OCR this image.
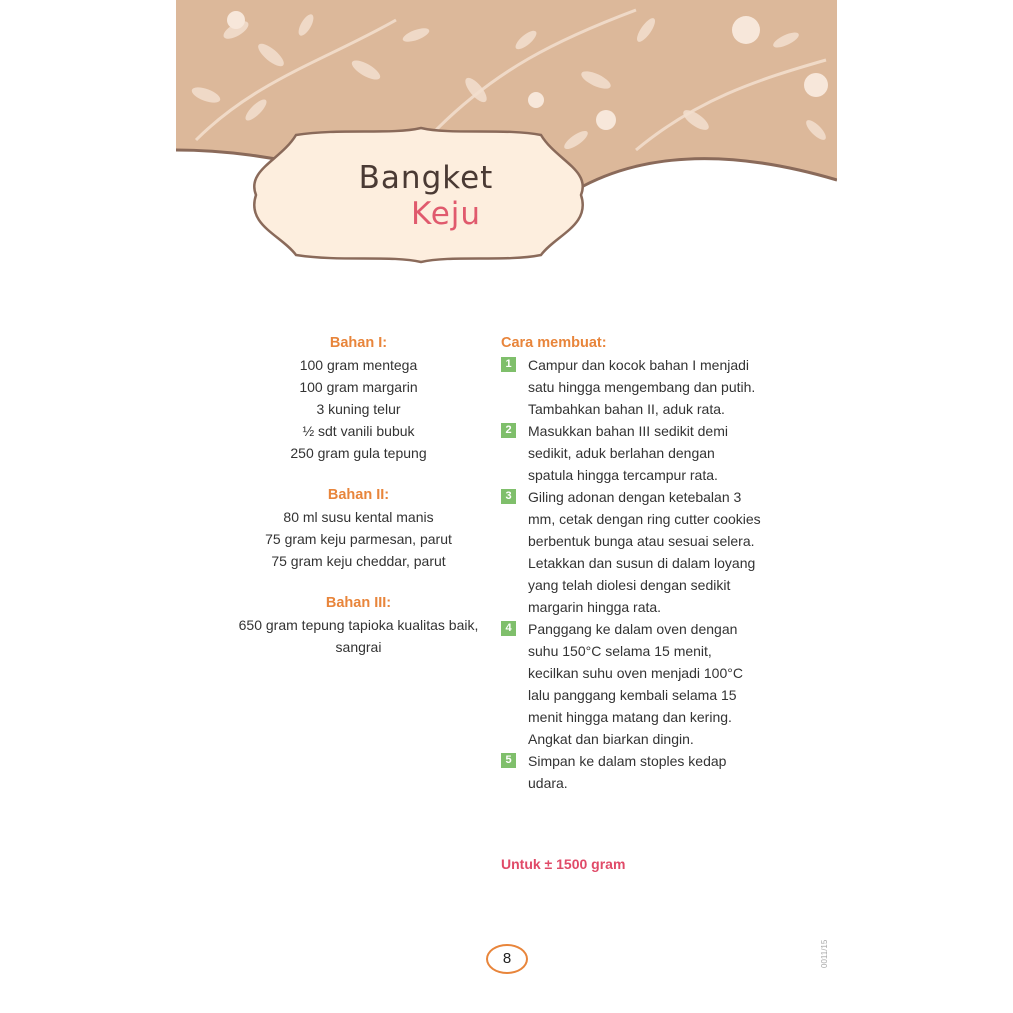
Bangket
Keju
Bahan I:
100 gram mentega
100 gram margarin
3 kuning telur
½ sdt vanili bubuk
250 gram gula tepung
Bahan II:
80 ml susu kental manis
75 gram keju parmesan, parut
75 gram keju cheddar, parut
Bahan III:
650 gram tepung tapioka kualitas baik,
sangrai
Cara membuat:
1	Campur dan kocok bahan I menjadi satu hingga mengembang dan putih. Tambahkan bahan II, aduk rata.
2	Masukkan bahan III sedikit demi sedikit, aduk berlahan dengan spatula hingga tercampur rata.
3	Giling adonan dengan ketebalan 3 mm, cetak dengan ring cutter cookies berbentuk bunga atau sesuai selera. Letakkan dan susun di dalam loyang yang telah diolesi dengan sedikit margarin hingga rata.
4	Panggang ke dalam oven dengan suhu 150°C selama 15 menit, kecilkan suhu oven menjadi 100°C lalu panggang kembali selama 15 menit hingga matang dan kering. Angkat dan biarkan dingin.
5	Simpan ke dalam stoples kedap udara.
Untuk ± 1500 gram
8	0011/15
